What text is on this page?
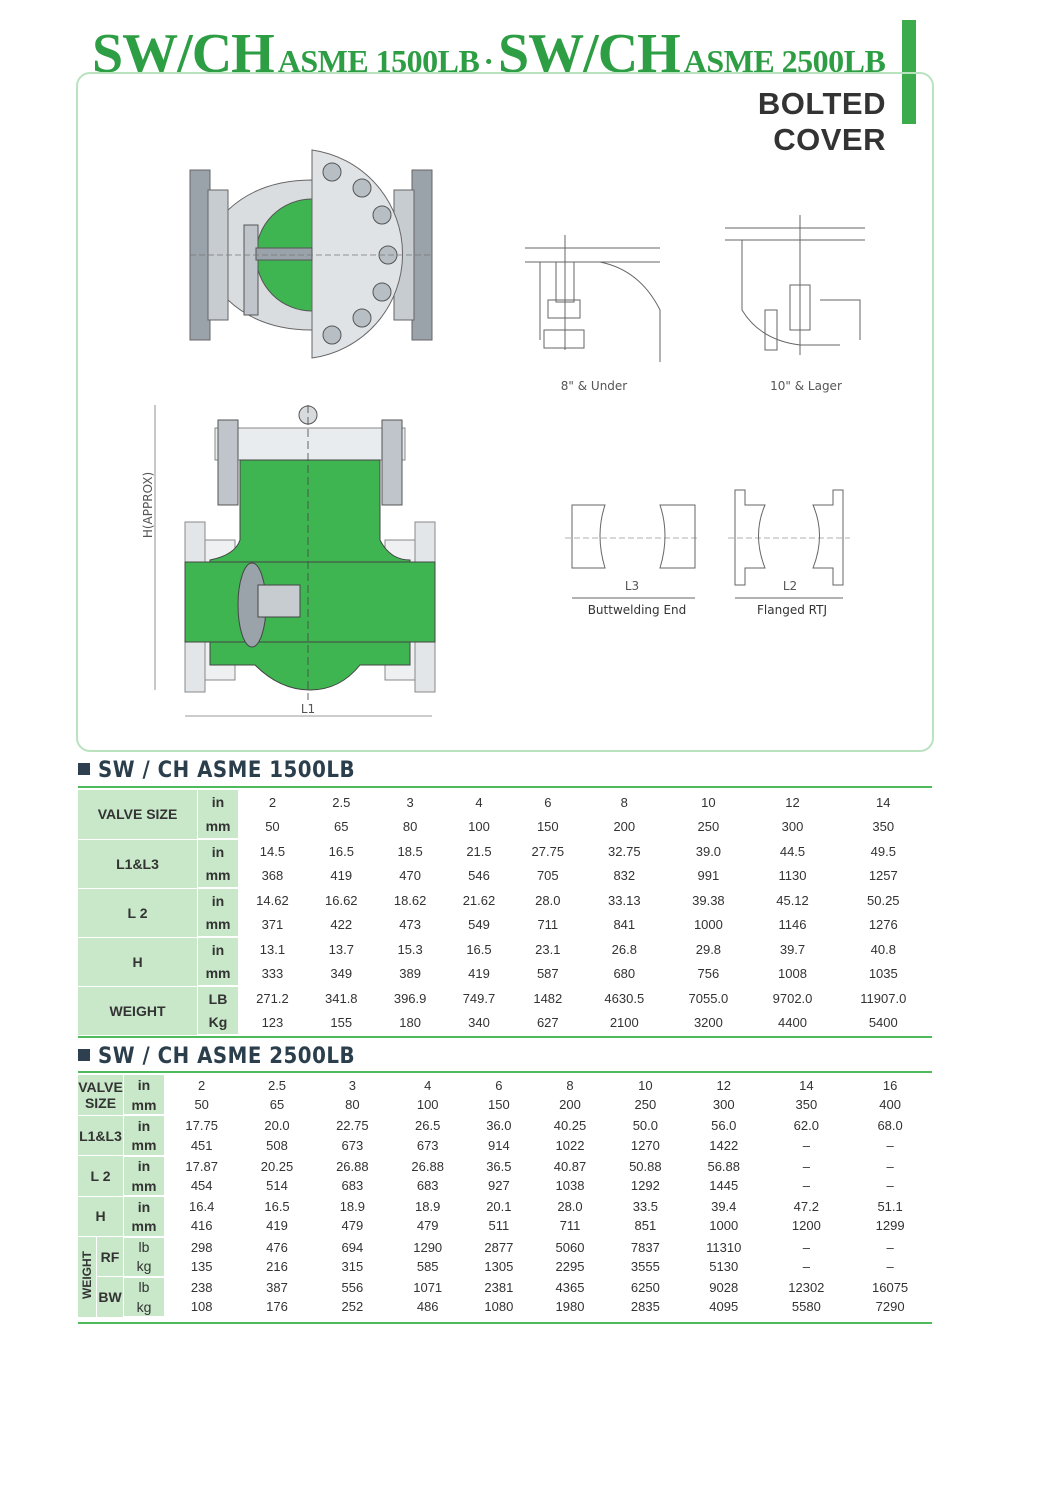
SW/CH ASME 1500LB ·SW/CH ASME 2500LB
BOLTED COVER
8" & Under	10" & Lager
L1
H(APPROX)
L3
Buttwelding End
L2
Flanged RTJ
SW / CH ASME 1500LB
VALVE SIZE	in	2	2.5	3	4	6	8	10	12	14
	mm	50	65	80	100	150	200	250	300	350
L1&L3	in	14.5	16.5	18.5	21.5	27.75	32.75	39.0	44.5	49.5
	mm	368	419	470	546	705	832	991	1130	1257
L 2	in	14.62	16.62	18.62	21.62	28.0	33.13	39.38	45.12	50.25
	mm	371	422	473	549	711	841	1000	1146	1276
H	in	13.1	13.7	15.3	16.5	23.1	26.8	29.8	39.7	40.8
	mm	333	349	389	419	587	680	756	1008	1035
WEIGHT	LB	271.2	341.8	396.9	749.7	1482	4630.5	7055.0	9702.0	11907.0
	Kg	123	155	180	340	627	2100	3200	4400	5400
SW / CH ASME 2500LB
VALVE SIZE		in	2	2.5	3	4	6	8	10	12	14	16
		mm	50	65	80	100	150	200	250	300	350	400
L1&L3		in	17.75	20.0	22.75	26.5	36.0	40.25	50.0	56.0	62.0	68.0
		mm	451	508	673	673	914	1022	1270	1422	–	–
L 2		in	17.87	20.25	26.88	26.88	36.5	40.87	50.88	56.88	–	–
		mm	454	514	683	683	927	1038	1292	1445	–	–
H		in	16.4	16.5	18.9	18.9	20.1	28.0	33.5	39.4	47.2	51.1
		mm	416	419	479	479	511	711	851	1000	1200	1299
WEIGHT	RF	lb	298	476	694	1290	2877	5060	7837	11310	–	–
		kg	135	216	315	585	1305	2295	3555	5130	–	–
	BW	lb	238	387	556	1071	2381	4365	6250	9028	12302	16075
		kg	108	176	252	486	1080	1980	2835	4095	5580	7290
